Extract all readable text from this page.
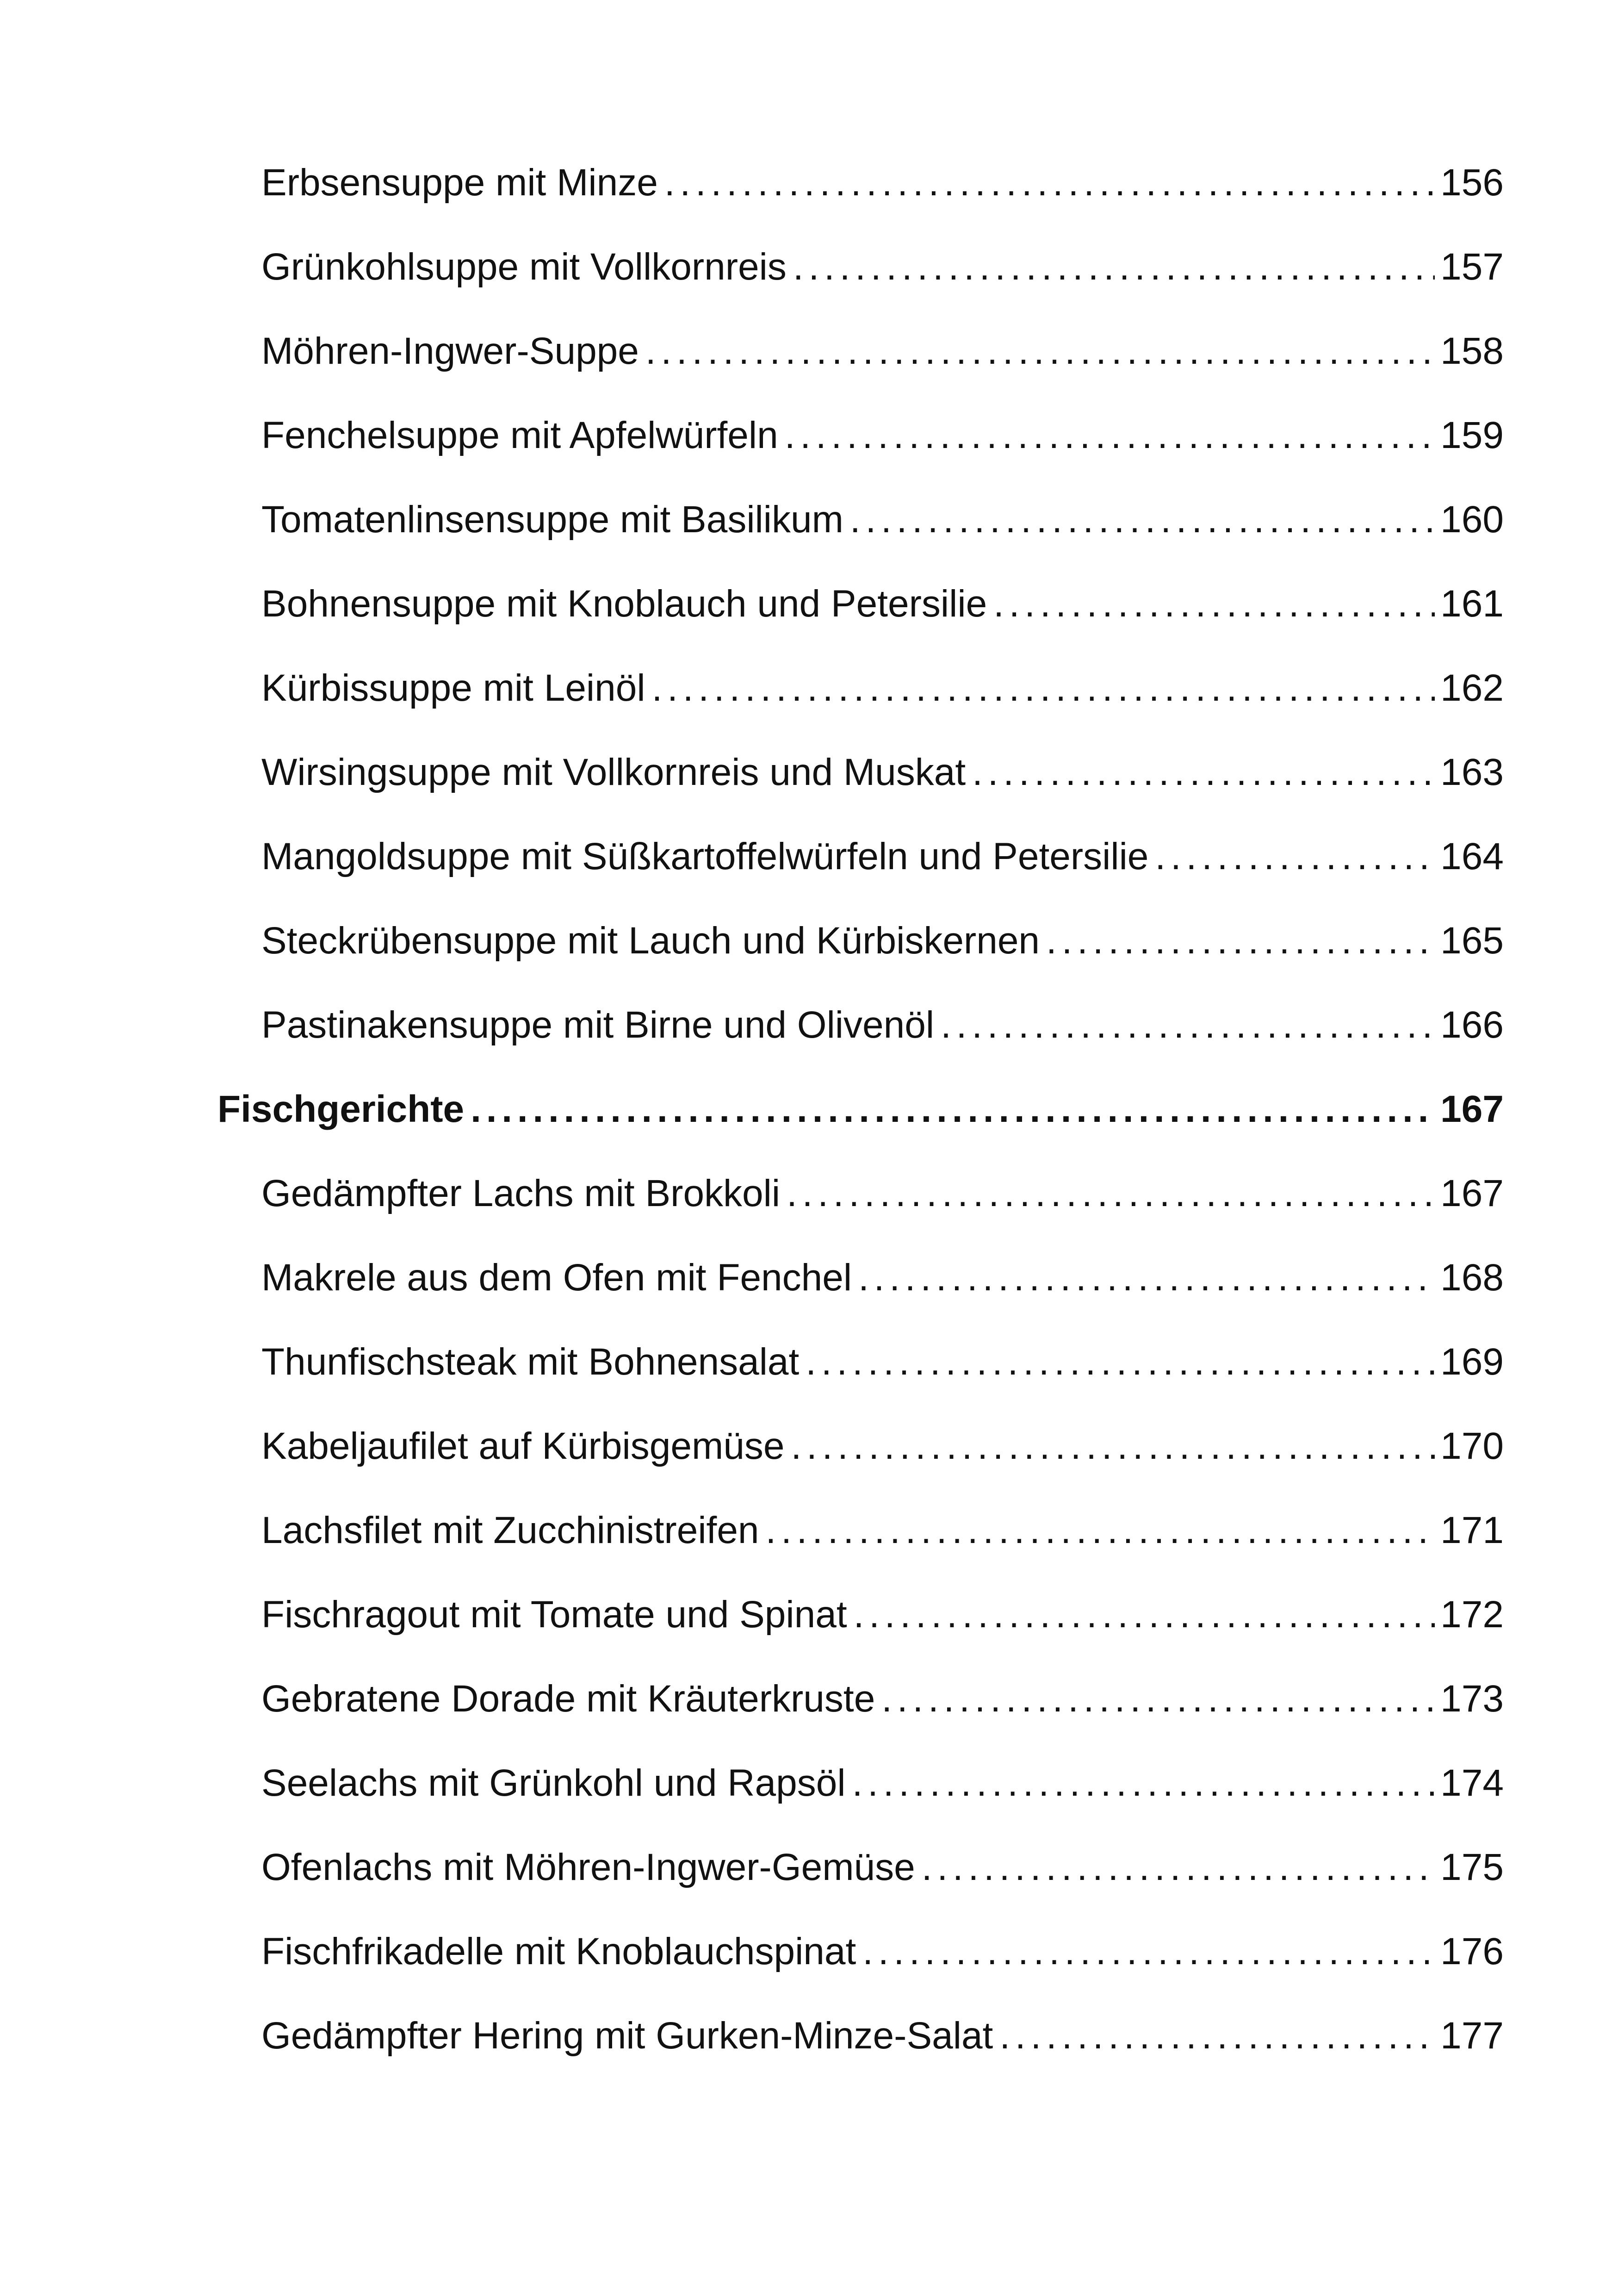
Erbsensuppe mit Minze . . .	156
Grünkohlsuppe mit Vollkornreis . . .	157
Möhren-Ingwer-Suppe . . .	158
Fenchelsuppe mit Apfelwürfeln . . .	159
Tomatenlinsensuppe mit Basilikum . . .	160
Bohnensuppe mit Knoblauch und Petersilie . . .	161
Kürbissuppe mit Leinöl . . .	162
Wirsingsuppe mit Vollkornreis und Muskat . . .	163
Mangoldsuppe mit Süßkartoffelwürfeln und Petersilie . . .	164
Steckrübensuppe mit Lauch und Kürbiskernen . . .	165
Pastinakensuppe mit Birne und Olivenöl . . .	166
Fischgerichte . . .	167
Gedämpfter Lachs mit Brokkoli . . .	167
Makrele aus dem Ofen mit Fenchel . . .	168
Thunfischsteak mit Bohnensalat . . .	169
Kabeljaufilet auf Kürbisgemüse . . .	170
Lachsfilet mit Zucchinistreifen . . .	171
Fischragout mit Tomate und Spinat . . .	172
Gebratene Dorade mit Kräuterkruste . . .	173
Seelachs mit Grünkohl und Rapsöl . . .	174
Ofenlachs mit Möhren-Ingwer-Gemüse . . .	175
Fischfrikadelle mit Knoblauchspinat . . .	176
Gedämpfter Hering mit Gurken-Minze-Salat . . .	177
